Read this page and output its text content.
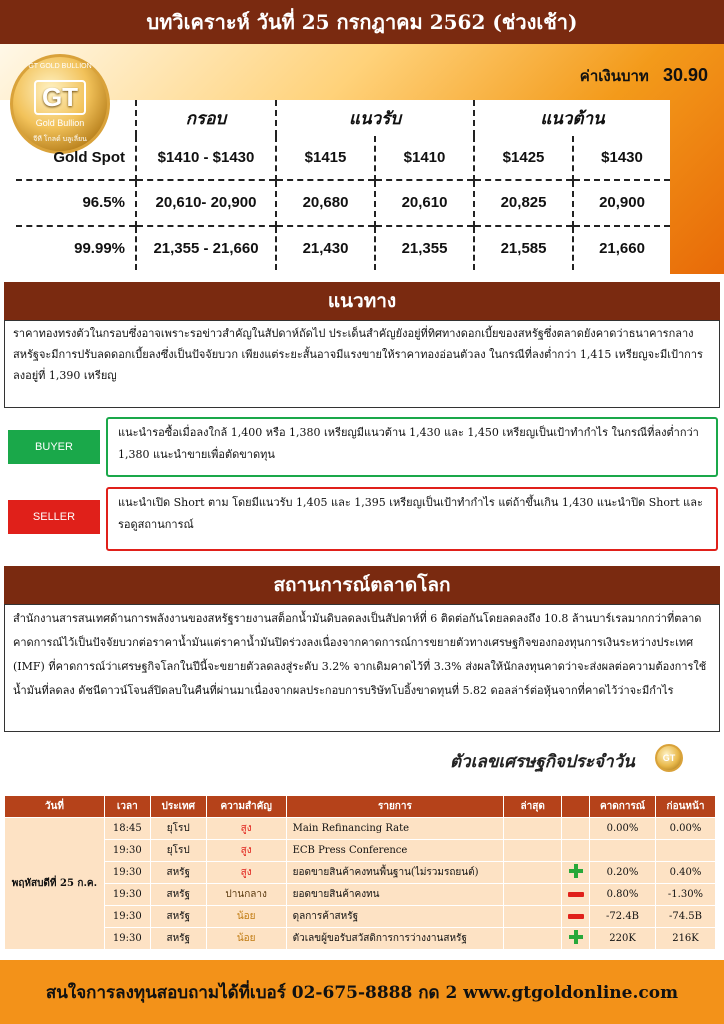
บทวิเคราะห์ วันที่ 25 กรกฎาคม 2562 (ช่วงเช้า)
GT GOLD BULLION
GT
Gold Bullion
จีที โกลด์ บลูเลี่ยน
ค่าเงินบาท 30.90
	กรอบ	แนวรับ		แนวต้าน	
Gold Spot	$1410 - $1430	$1415	$1410	$1425	$1430
96.5%	20,610- 20,900	20,680	20,610	20,825	20,900
99.99%	21,355 - 21,660	21,430	21,355	21,585	21,660
แนวทาง
ราคาทองทรงตัวในกรอบซึ่งอาจเพราะรอข่าวสำคัญในสัปดาห์ถัดไป ประเด็นสำคัญยังอยู่ที่ทิศทางดอกเบี้ยของสหรัฐซึ่งตลาดยังคาดว่าธนาคารกลางสหรัฐจะมีการปรับลดดอกเบี้ยลงซึ่งเป็นปัจจัยบวก เพียงแต่ระยะสั้นอาจมีแรงขายให้ราคาทองอ่อนตัวลง ในกรณีที่ลงต่ำกว่า 1,415 เหรียญจะมีเป้าการลงอยู่ที่ 1,390 เหรียญ
BUYER
แนะนำรอซื้อเมื่อลงใกล้ 1,400 หรือ 1,380 เหรียญมีแนวต้าน 1,430 และ 1,450 เหรียญเป็นเป้าทำกำไร ในกรณีที่ลงต่ำกว่า 1,380 แนะนำขายเพื่อตัดขาดทุน
SELLER
แนะนำเปิด Short ตาม โดยมีแนวรับ 1,405 และ 1,395 เหรียญเป็นเป้าทำกำไร แต่ถ้าขึ้นเกิน 1,430 แนะนำปิด Short และรอดูสถานการณ์
สถานการณ์ตลาดโลก
สำนักงานสารสนเทศด้านการพลังงานของสหรัฐรายงานสต็อกน้ำมันดิบลดลงเป็นสัปดาห์ที่ 6 ติดต่อกันโดยลดลงถึง 10.8 ล้านบาร์เรลมากกว่าที่ตลาดคาดการณ์ไว้เป็นปัจจัยบวกต่อราคาน้ำมันแต่ราคาน้ำมันปิดร่วงลงเนื่องจากคาดการณ์การขยายตัวทางเศรษฐกิจของกองทุนการเงินระหว่างประเทศ (IMF) ที่คาดการณ์ว่าเศรษฐกิจโลกในปีนี้จะขยายตัวลดลงสู่ระดับ 3.2% จากเดิมคาดไว้ที่ 3.3% ส่งผลให้นักลงทุนคาดว่าจะส่งผลต่อความต้องการใช้น้ำมันที่ลดลง ดัชนีดาวน์โจนส์ปิดลบในคืนที่ผ่านมาเนื่องจากผลประกอบการบริษัทโบอิ้งขาดทุนที่ 5.82 ดอลล่าร์ต่อหุ้นจากที่คาดไว้ว่าจะมีกำไร
ตัวเลขเศรษฐกิจประจำวัน	GT
วันที่	เวลา	ประเทศ	ความสำคัญ	รายการ	ล่าสุด		คาดการณ์	ก่อนหน้า
พฤหัสบดีที่ 25 ก.ค.	18:45	ยุโรป	สูง	Main Refinancing Rate			0.00%	0.00%
	19:30	ยุโรป	สูง	ECB Press Conference				
	19:30	สหรัฐ	สูง	ยอดขายสินค้าคงทนพื้นฐาน(ไม่รวมรถยนต์)			0.20%	0.40%
	19:30	สหรัฐ	ปานกลาง	ยอดขายสินค้าคงทน			0.80%	-1.30%
	19:30	สหรัฐ	น้อย	ดุลการค้าสหรัฐ			-72.4B	-74.5B
	19:30	สหรัฐ	น้อย	ตัวเลขผู้ขอรับสวัสดิการการว่างงานสหรัฐ			220K	216K
สนใจการลงทุนสอบถามได้ที่เบอร์ 02-675-8888 กด 2 www.gtgoldonline.com
